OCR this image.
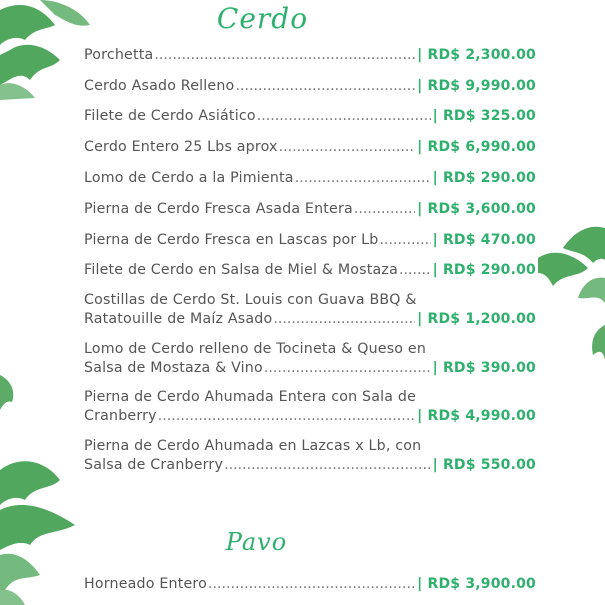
Cerdo
Porchetta .....	| RD$ 2,300.00
Cerdo Asado Relleno .....	| RD$ 9,990.00
Filete de Cerdo Asiático .....	| RD$ 325.00
Cerdo Entero 25 Lbs aprox .....	| RD$ 6,990.00
Lomo de Cerdo a la Pimienta .....	| RD$ 290.00
Pierna de Cerdo Fresca Asada Entera .....	| RD$ 3,600.00
Pierna de Cerdo Fresca en Lascas por Lb .....	| RD$ 470.00
Filete de Cerdo en Salsa de Miel & Mostaza ..... | RD$ 290.00
Costillas de Cerdo St. Louis con Guava BBQ &
Ratatouille de Maíz Asado .....	| RD$ 1,200.00
Lomo de Cerdo relleno de Tocineta & Queso en
Salsa de Mostaza & Vino .....	| RD$ 390.00
Pierna de Cerdo Ahumada Entera con Sala de
Cranberry .....	| RD$ 4,990.00
Pierna de Cerdo Ahumada en Lazcas x Lb, con
Salsa de Cranberry .....	| RD$ 550.00
Pavo
Horneado Entero .....	| RD$ 3,900.00
